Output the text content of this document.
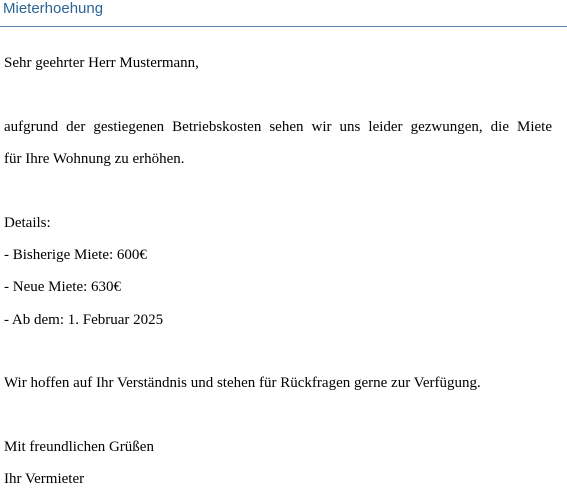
Mieterhoehung
Sehr geehrter Herr Mustermann,
aufgrund der gestiegenen Betriebskosten sehen wir uns leider gezwungen, die Miete
für Ihre Wohnung zu erhöhen.
Details:
- Bisherige Miete: 600€
- Neue Miete: 630€
- Ab dem: 1. Februar 2025
Wir hoffen auf Ihr Verständnis und stehen für Rückfragen gerne zur Verfügung.
Mit freundlichen Grüßen
Ihr Vermieter
